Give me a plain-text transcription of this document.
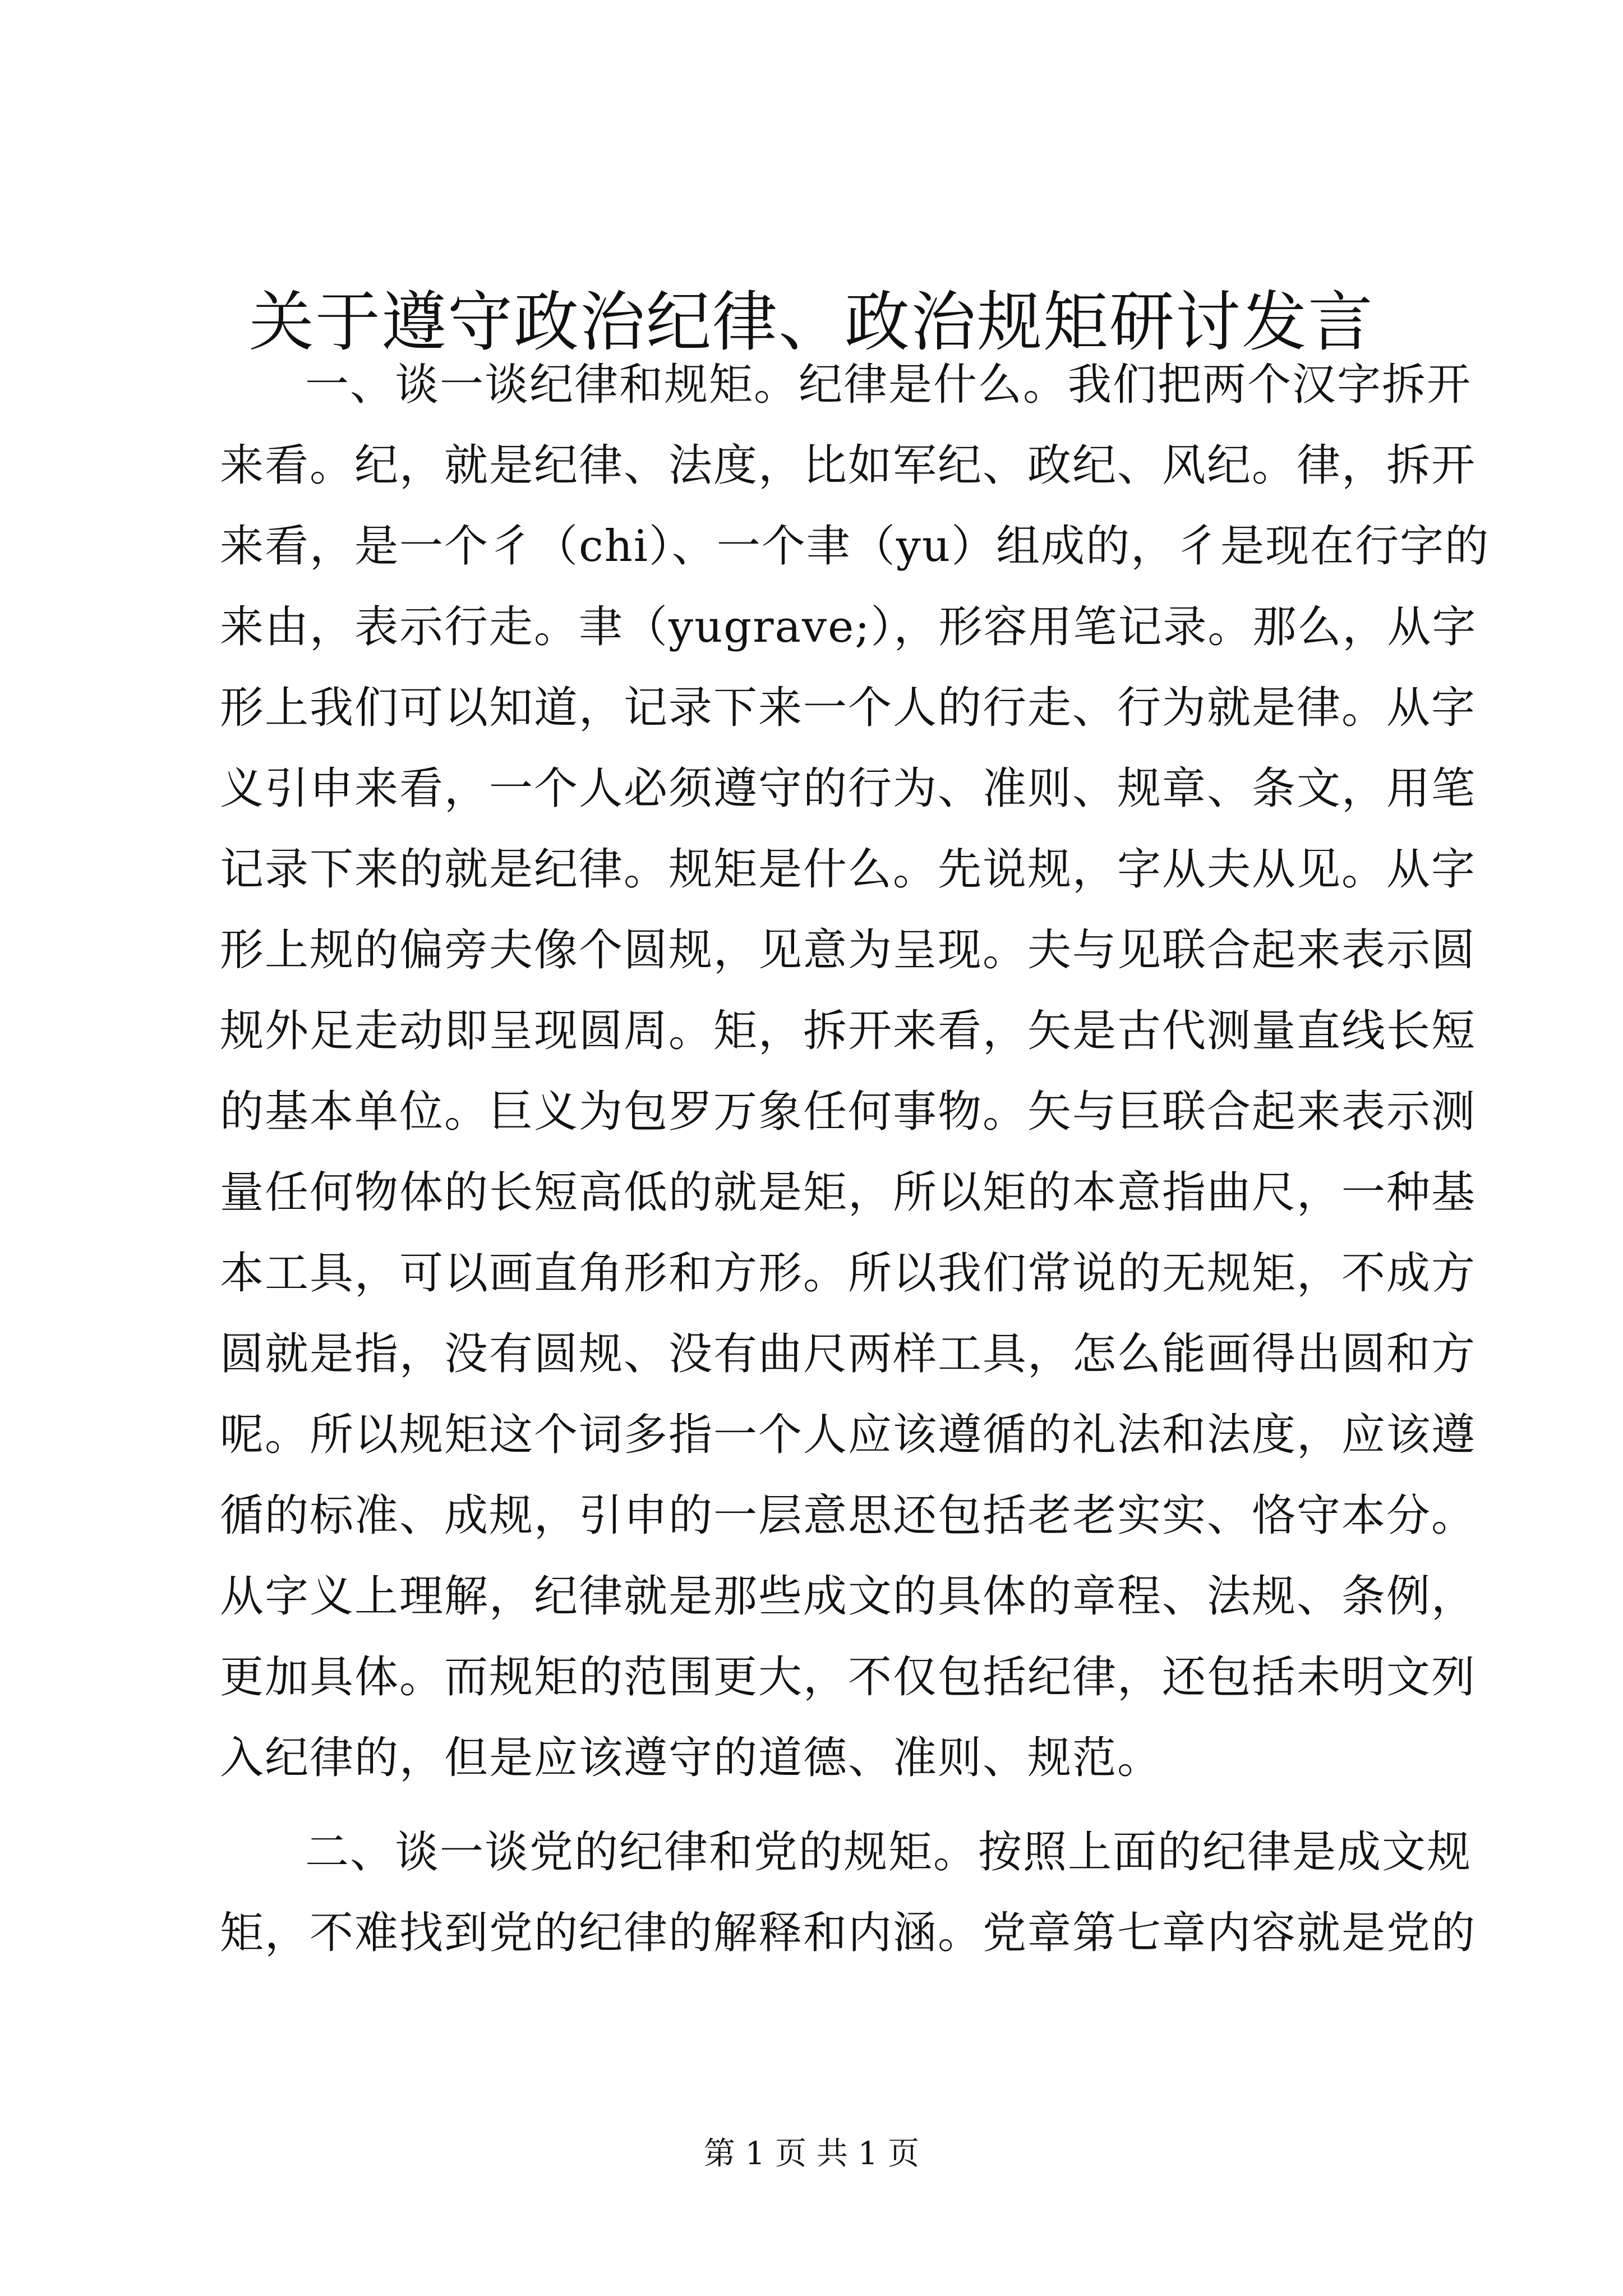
关于遵守政治纪律、政治规矩研讨发言
一、谈一谈纪律和规矩。纪律是什么。我们把两个汉字拆开
来看。纪，就是纪律、法度，比如军纪、政纪、风纪。律，拆开
来看，是一个彳（chi）、一个聿（yu）组成的，彳是现在行字的
来由，表示行走。聿（yugrave;），形容用笔记录。那么，从字
形上我们可以知道，记录下来一个人的行走、行为就是律。从字
义引申来看，一个人必须遵守的行为、准则、规章、条文，用笔
记录下来的就是纪律。规矩是什么。先说规，字从夫从见。从字
形上规的偏旁夫像个圆规，见意为呈现。夫与见联合起来表示圆
规外足走动即呈现圆周。矩，拆开来看，矢是古代测量直线长短
的基本单位。巨义为包罗万象任何事物。矢与巨联合起来表示测
量任何物体的长短高低的就是矩，所以矩的本意指曲尺，一种基
本工具，可以画直角形和方形。所以我们常说的无规矩，不成方
圆就是指，没有圆规、没有曲尺两样工具，怎么能画得出圆和方
呢。所以规矩这个词多指一个人应该遵循的礼法和法度，应该遵
循的标准、成规，引申的一层意思还包括老老实实、恪守本分。
从字义上理解，纪律就是那些成文的具体的章程、法规、条例，
更加具体。而规矩的范围更大，不仅包括纪律，还包括未明文列
入纪律的，但是应该遵守的道德、准则、规范。
二、谈一谈党的纪律和党的规矩。按照上面的纪律是成文规
矩，不难找到党的纪律的解释和内涵。党章第七章内容就是党的
第 1 页 共 1 页
